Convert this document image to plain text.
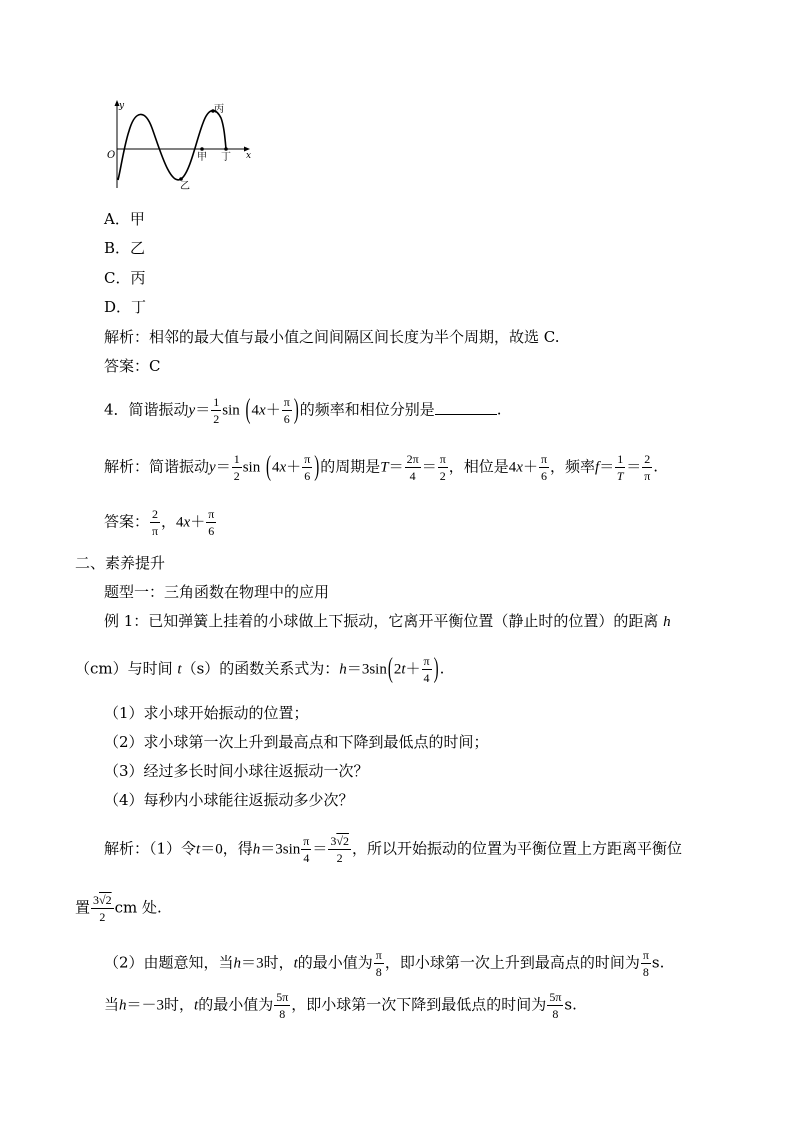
y
O	x
丙
甲 丁
乙
A．甲
B．乙
C．丙
D．丁
解析：相邻的最大值与最小值之间间隔区间长度为半个周期，故选 C.
答案：C
4．简谐振动$y= \frac{1}{2}$ $\sin (4x+ \frac{\pi}{6}$ )的频率和相位分别是	.
解析：简谐振动$y= \frac{1}{2}$ $\sin (4x+ \frac{\pi}{6}$ )的周期是$T= \frac{2\pi}{4} = \frac{\pi}{2}$ ，相位是$4x+ \frac{\pi}{6}$ ，频率$f= \frac{1}{T} = \frac{2}{\pi}$ .
答案： $\frac{2}{\pi}$ ，$4x+ \frac{\pi}{6}$
二、素养提升
题型一：三角函数在物理中的应用
例 1：已知弹簧上挂着的小球做上下振动，它离开平衡位置（静止时的位置）的距离 h
（cm）与时间 t（s）的函数关系式为：$h=3\sin(2t+ \frac{\pi}{4}$ ).
（1）求小球开始振动的位置；
（2）求小球第一次上升到最高点和下降到最低点的时间；
（3）经过多长时间小球往返振动一次？
（4）每秒内小球能往返振动多少次？
解析：（1）令t＝0，得$h=3\sin \frac{\pi}{4} = \frac{3√2}{2}$ ，所以开始振动的位置为平衡位置上方距离平衡位
置 $\frac{3√2}{2}$ cm 处.
（2）由题意知，当h＝3时，t的最小值为 $\frac{\pi}{8}$ ，即小球第一次上升到最高点的时间为 $\frac{\pi}{8} s$.
当h＝－3时，t的最小值为 $\frac{5\pi}{8}$ ，即小球第一次下降到最低点的时间为 $\frac{5\pi}{8} s$.
